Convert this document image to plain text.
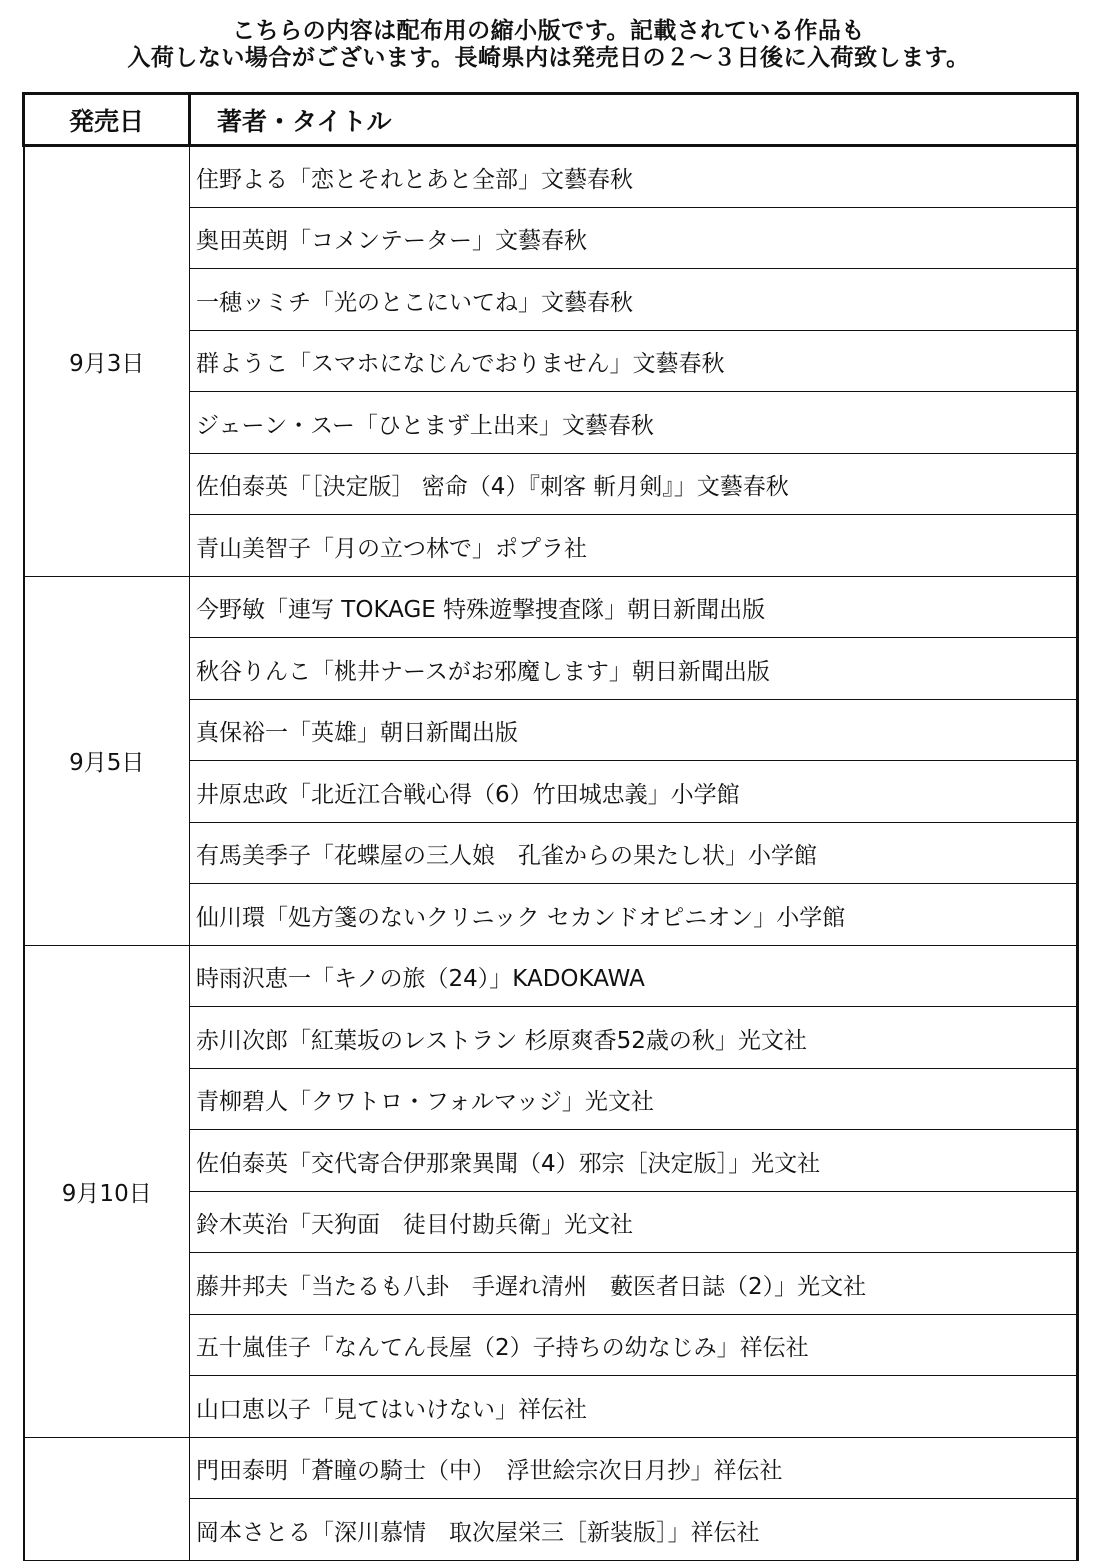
こちらの内容は配布用の縮小版です。記載されている作品も
入荷しない場合がございます。長崎県内は発売日の２〜３日後に入荷致します。
発売日	著者・タイトル
9月3日	住野よる「恋とそれとあと全部」文藝春秋
	奥田英朗「コメンテーター」文藝春秋
	一穂ッミチ「光のとこにいてね」文藝春秋
	群ようこ「スマホになじんでおりません」文藝春秋
	ジェーン・スー「ひとまず上出来」文藝春秋
	佐伯泰英「［決定版］ 密命（4）『刺客 斬月剣』」文藝春秋
	青山美智子「月の立つ林で」ポプラ社
9月5日	今野敏「連写 TOKAGE 特殊遊撃捜査隊」朝日新聞出版
	秋谷りんこ「桃井ナースがお邪魔します」朝日新聞出版
	真保裕一「英雄」朝日新聞出版
	井原忠政「北近江合戦心得（6）竹田城忠義」小学館
	有馬美季子「花蝶屋の三人娘　孔雀からの果たし状」小学館
	仙川環「処方箋のないクリニック セカンドオピニオン」小学館
9月10日	時雨沢恵一「キノの旅（24）」KADOKAWA
	赤川次郎「紅葉坂のレストラン 杉原爽香52歳の秋」光文社
	青柳碧人「クワトロ・フォルマッジ」光文社
	佐伯泰英「交代寄合伊那衆異聞（4）邪宗［決定版］」光文社
	鈴木英治「天狗面　徒目付勘兵衛」光文社
	藤井邦夫「当たるも八卦　手遅れ清州　藪医者日誌（2）」光文社
	五十嵐佳子「なんてん長屋（2）子持ちの幼なじみ」祥伝社
	山口恵以子「見てはいけない」祥伝社
	門田泰明「蒼瞳の騎士（中）　浮世絵宗次日月抄」祥伝社
	岡本さとる「深川慕情　取次屋栄三［新装版］」祥伝社
